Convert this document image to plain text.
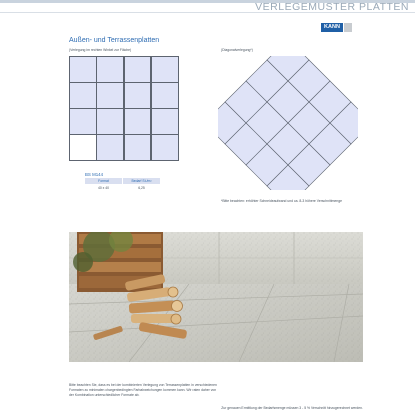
VERLEGEMUSTER PLATTEN
KANN
Außen- und Terrassenplatten
(Verlegung im rechten Winkel zur Fläche)	(Diagonalverlegung*)
BS M144
Format	Bedarf St./m²
40 x 40	6,25
*Bitte beachten: erhöhter Schneideaufwand und ca. 8-3 höhere Verschnittmenge
Bitte beachten Sie, dass es bei der kombinierten Verlegung von Terrassenplatten in verschiedenen
Formaten zu minimalen chargenbedingten Farbabweichungen kommen kann. Wir raten daher von
der Kombination unterschiedlicher Formate ab.
Zur genauen Ermittlung der Bedarfsmenge müssen 3 - 5 % Verschnitt hinzugerechnet werden.
